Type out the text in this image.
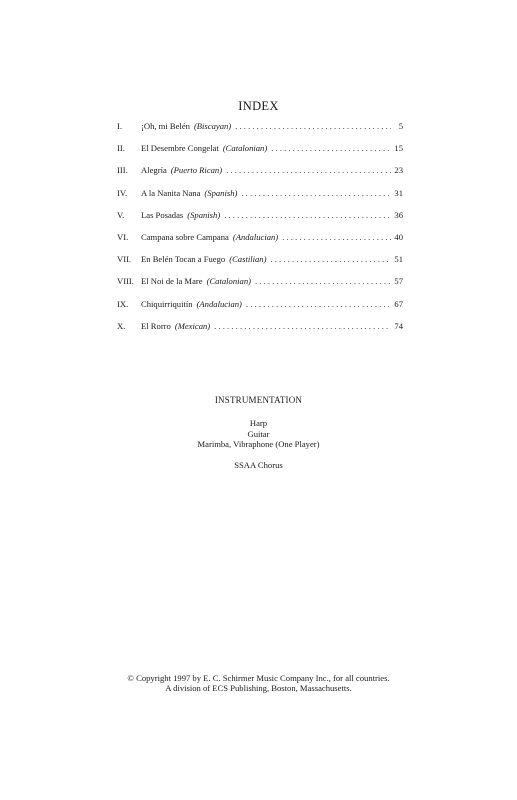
INDEX
I.	¡Oh, mi Belén (Biscayan) . . .	5
II.	El Desembre Congelat (Catalonian) . . .	15
III.	Alegría (Puerto Rican) . . .	23
IV.	A la Nanita Nana (Spanish) . . .	31
V.	Las Posadas (Spanish) . . .	36
VI.	Campana sobre Campana (Andalucian) . . .	40
VII.	En Belén Tocan a Fuego (Castilian) . . .	51
VIII. El Noi de la Mare (Catalonian) . . .	57
IX.	Chiquirriquitín (Andalucian) . . .	67
X.	El Rorro (Mexican) . . .	74
INSTRUMENTATION
Harp
Guitar
Marimba, Vibraphone (One Player)
SSAA Chorus
© Copyright 1997 by E. C. Schirmer Music Company Inc., for all countries.
A division of ECS Publishing, Boston, Massachusetts.
